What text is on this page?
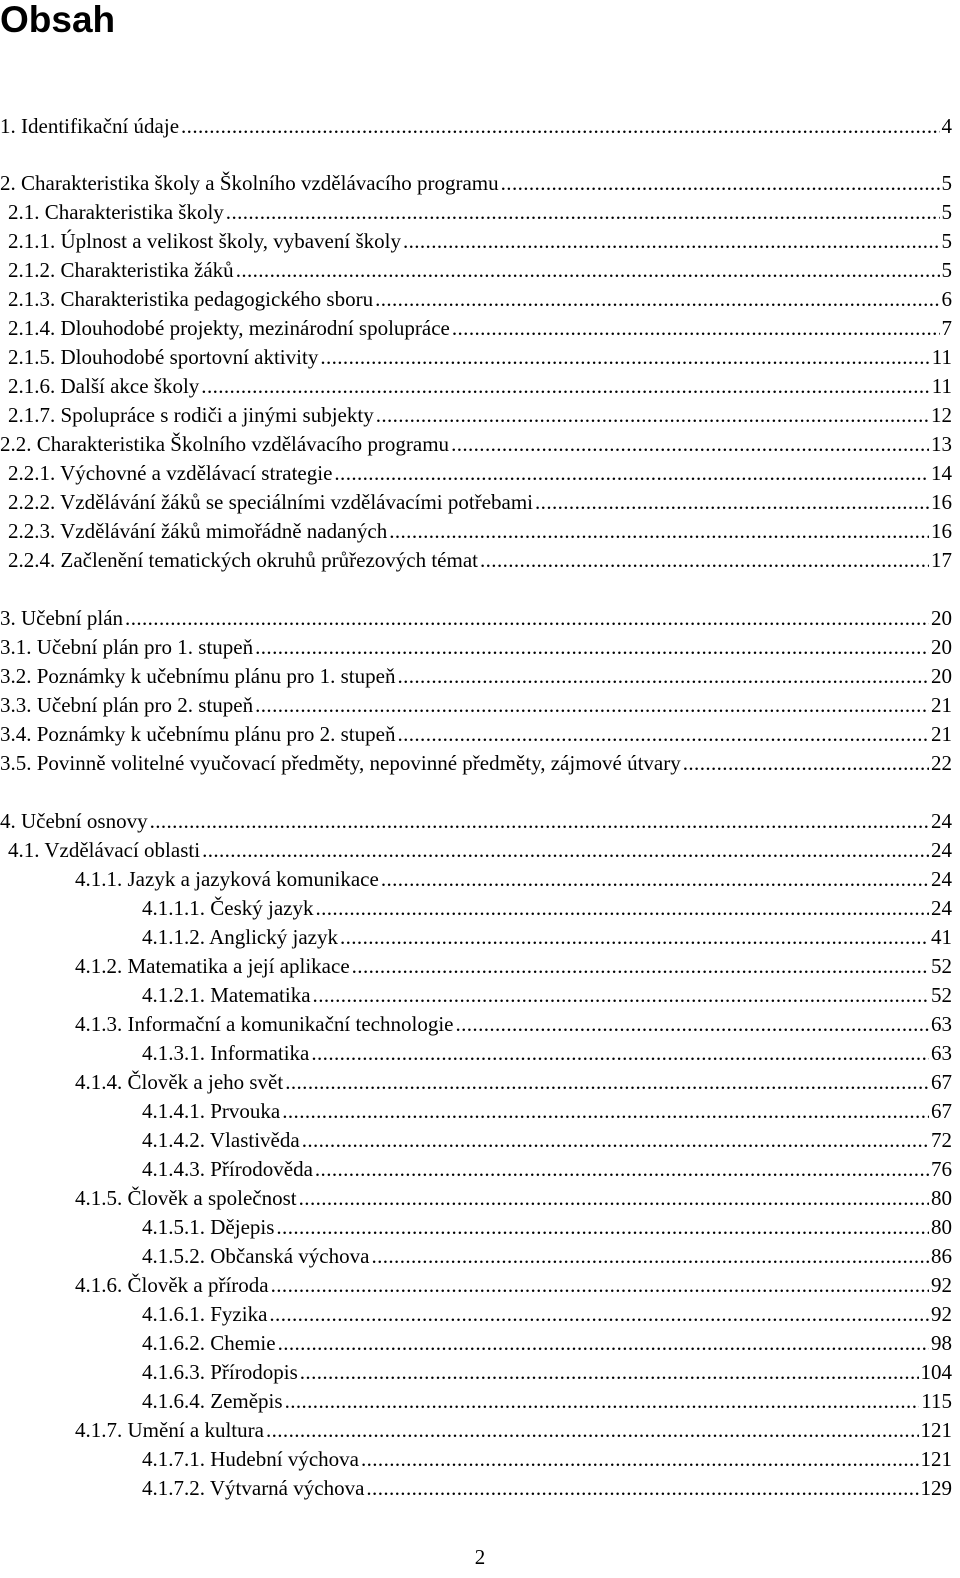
Obsah
1. Identifikační údaje .....	4
2. Charakteristika školy a Školního vzdělávacího programu .....	5
2.1. Charakteristika školy .....	5
2.1.1. Úplnost a velikost školy, vybavení školy .....	5
2.1.2. Charakteristika žáků .....	5
2.1.3. Charakteristika pedagogického sboru .....	6
2.1.4. Dlouhodobé projekty, mezinárodní spolupráce .....	7
2.1.5. Dlouhodobé sportovní aktivity .....	11
2.1.6. Další akce školy .....	11
2.1.7. Spolupráce s rodiči a jinými subjekty .....	12
2.2. Charakteristika Školního vzdělávacího programu .....	13
2.2.1. Výchovné a vzdělávací strategie .....	14
2.2.2. Vzdělávání žáků se speciálními vzdělávacími potřebami .....	16
2.2.3. Vzdělávání žáků mimořádně nadaných .....	16
2.2.4. Začlenění tematických okruhů průřezových témat .....	17
3. Učební plán .....	20
3.1. Učební plán pro 1. stupeň .....	20
3.2. Poznámky k učebnímu plánu pro 1. stupeň .....	20
3.3. Učební plán pro 2. stupeň .....	21
3.4. Poznámky k učebnímu plánu pro 2. stupeň .....	21
3.5. Povinně volitelné vyučovací předměty, nepovinné předměty, zájmové útvary .....	22
4. Učební osnovy .....	24
4.1. Vzdělávací oblasti .....	24
4.1.1. Jazyk a jazyková komunikace .....	24
4.1.1.1. Český jazyk .....	24
4.1.1.2. Anglický jazyk .....	41
4.1.2. Matematika a její aplikace .....	52
4.1.2.1. Matematika .....	52
4.1.3. Informační a komunikační technologie .....	63
4.1.3.1. Informatika .....	63
4.1.4. Člověk a jeho svět .....	67
4.1.4.1. Prvouka .....	67
4.1.4.2. Vlastivěda .....	72
4.1.4.3. Přírodověda .....	76
4.1.5. Člověk a společnost .....	80
4.1.5.1. Dějepis .....	80
4.1.5.2. Občanská výchova .....	86
4.1.6. Člověk a příroda .....	92
4.1.6.1. Fyzika .....	92
4.1.6.2. Chemie .....	98
4.1.6.3. Přírodopis .....	104
4.1.6.4. Zeměpis .....	115
4.1.7. Umění a kultura .....	121
4.1.7.1. Hudební výchova .....	121
4.1.7.2. Výtvarná výchova .....	129
2
